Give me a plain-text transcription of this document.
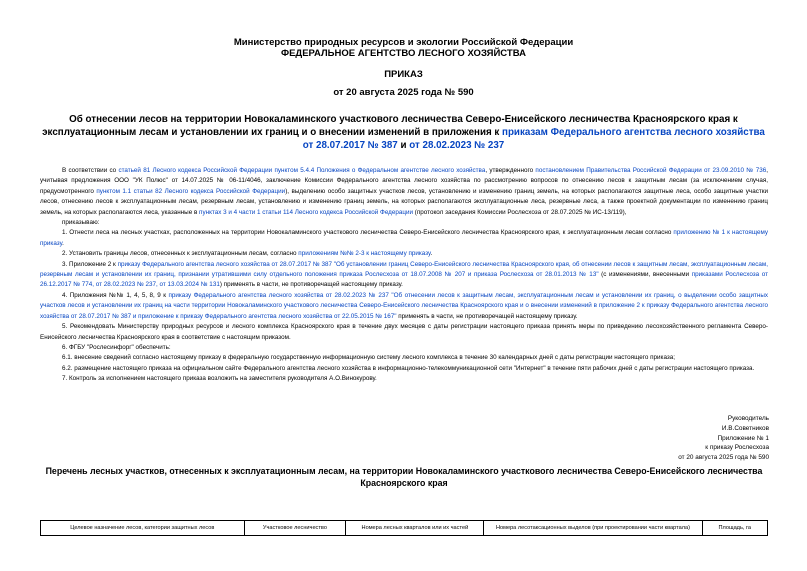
Министерство природных ресурсов и экологии Российской Федерации
ФЕДЕРАЛЬНОЕ АГЕНТСТВО ЛЕСНОГО ХОЗЯЙСТВА
ПРИКАЗ
от 20 августа 2025 года № 590
Об отнесении лесов на территории Новокаламинского участкового лесничества Северо-Енисейского лесничества Красноярского края к эксплуатационным лесам и установлении их границ и о внесении изменений в приложения к приказам Федерального агентства лесного хозяйства от 28.07.2017 № 387 и от 28.02.2023 № 237

В соответствии со статьей 81 Лесного кодекса Российской Федерации пунктом 5.4.4 Положения о Федеральном агентстве лесного хозяйства, утвержденного постановлением Правительства Российской Федерации от 23.09.2010 № 736, учитывая предложения ООО "УК Полюс" от 14.07.2025 № 06-11/4046, заключение Комиссии Федерального агентства лесного хозяйства по рассмотрению вопросов по отнесению лесов к защитным лесам (за исключением случая, предусмотренного пунктом 1.1 статьи 82 Лесного кодекса Российской Федерации), выделению особо защитных участков лесов, установлению и изменению границ земель, на которых располагаются защитные леса, особо защитные участки лесов, отнесению лесов к эксплуатационным лесам, резервным лесам, установлению и изменению границ земель, на которых располагаются эксплуатационные леса, резервные леса, а также проектной документации по изменению границ земель, на которых располагаются леса, указанные в пунктах 3 и 4 части 1 статьи 114 Лесного кодекса Российской Федерации (протокол заседания Комиссии Рослесхоза от 28.07.2025 № ИС-13/119),

приказываю:

1. Отнести леса на лесных участках, расположенных на территории Новокаламинского участкового лесничества Северо-Енисейского лесничества Красноярского края, к эксплуатационным лесам согласно приложению № 1 к настоящему приказу.

2. Установить границы лесов, отнесенных к эксплуатационным лесам, согласно приложениям №№ 2-3 к настоящему приказу.

3. Приложение 2 к приказу Федерального агентства лесного хозяйства от 28.07.2017 № 387 "Об установлении границ Северо-Енисейского лесничества Красноярского края, об отнесении лесов к защитным лесам, эксплуатационным лесам, резервным лесам и установлении их границ, признании утратившими силу отдельного положения приказа Рослесхоза от 18.07.2008 № 207 и приказа Рослесхоза от 28.01.2013 № 13" (с изменениями, внесенными приказами Рослесхоза от 26.12.2017 № 774, от 28.02.2023 № 237, от 13.03.2024 № 131) применять в части, не противоречащей настоящему приказу.

4. Приложения №№ 1, 4, 5, 8, 9 к приказу Федерального агентства лесного хозяйства от 28.02.2023 № 237 "Об отнесении лесов к защитным лесам, эксплуатационным лесам и установлении их границ, о выделении особо защитных участков лесов и установлении их границ на части территории Новокаламинского участкового лесничества Северо-Енисейского лесничества Красноярского края и о внесении изменений в приложение 2 к приказу Федерального агентства лесного хозяйства от 28.07.2017 № 387 и приложение к приказу Федерального агентства лесного хозяйства от 22.05.2015 № 167" применять в части, не противоречащей настоящему приказу.

5. Рекомендовать Министерству природных ресурсов и лесного комплекса Красноярского края в течение двух месяцев с даты регистрации настоящего приказа принять меры по приведению лесохозяйственного регламента Северо-Енисейского лесничества Красноярского края в соответствие с настоящим приказом.

6. ФГБУ "Рослесинфорг" обеспечить:

6.1. внесение сведений согласно настоящему приказу в федеральную государственную информационную систему лесного комплекса в течение 30 календарных дней с даты регистрации настоящего приказа;

6.2. размещение настоящего приказа на официальном сайте Федерального агентства лесного хозяйства в информационно-телекоммуникационной сети "Интернет" в течение пяти рабочих дней с даты регистрации настоящего приказа.

7. Контроль за исполнением настоящего приказа возложить на заместителя руководителя А.О.Винокурову.

Руководитель
И.В.Советников
Приложение № 1
к приказу Рослесхоза
от 20 августа 2025 года № 590
Перечень лесных участков, отнесенных к эксплуатационным лесам, на территории Новокаламинского участкового лесничества Северо-Енисейского лесничества Красноярского края
Целевое назначение лесов, категории защитных лесов	Участковое лесничество	Номера лесных кварталов или их частей	Номера лесотаксационных выделов (при проектировании части квартала)	Площадь, га
